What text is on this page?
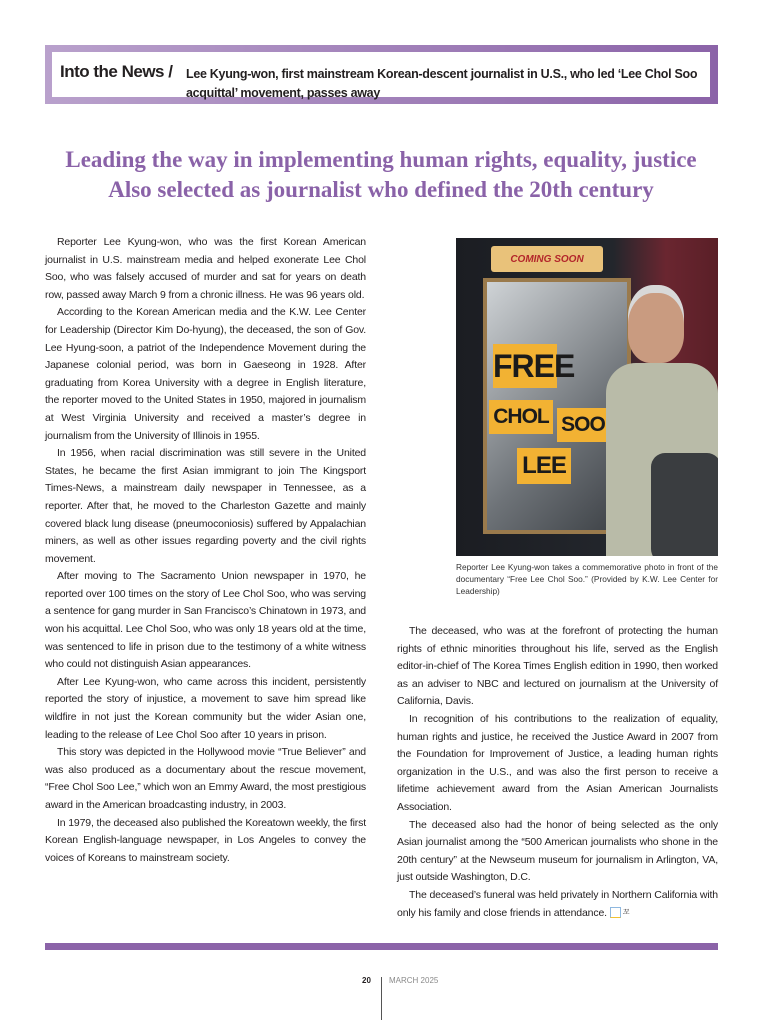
Into the News / Lee Kyung-won, first mainstream Korean-descent journalist in U.S., who led ‘Lee Chol Soo
acquittal’ movement, passes away
Leading the way in implementing human rights, equality, justice
Also selected as journalist who defined the 20th century

Reporter Lee Kyung-won, who was the first Korean American journalist in U.S. mainstream media and helped exonerate Lee Chol Soo, who was falsely accused of murder and sat for years on death row, passed away March 9 from a chronic illness. He was 96 years old.

According to the Korean American media and the K.W. Lee Center for Leadership (Director Kim Do-hyung), the deceased, the son of Gov. Lee Hyung-soon, a patriot of the Independence Movement during the Japanese colonial period, was born in Gaeseong in 1928. After graduating from Korea University with a degree in English literature, the reporter moved to the United States in 1950, majored in journalism at West Virginia University and received a master’s degree in journalism from the University of Illinois in 1955.

In 1956, when racial discrimination was still severe in the United States, he became the first Asian immigrant to join The Kingsport Times-News, a mainstream daily newspaper in Tennessee, as a reporter. After that, he moved to the Charleston Gazette and mainly covered black lung disease (pneumoconiosis) suffered by Appalachian miners, as well as other issues regarding poverty and the civil rights movement.

After moving to The Sacramento Union newspaper in 1970, he reported over 100 times on the story of Lee Chol Soo, who was serving a sentence for gang murder in San Francisco’s Chinatown in 1973, and won his acquittal. Lee Chol Soo, who was only 18 years old at the time, was sentenced to life in prison due to the testimony of a white witness who could not distinguish Asian appearances.

After Lee Kyung-won, who came across this incident, persistently reported the story of injustice, a movement to save him spread like wildfire in not just the Korean community but the wider Asian one, leading to the release of Lee Chol Soo after 10 years in prison.

This story was depicted in the Hollywood movie “True Believer” and was also produced as a documentary about the rescue movement, “Free Chol Soo Lee,” which won an Emmy Award, the most prestigious award in the American broadcasting industry, in 2003.

In 1979, the deceased also published the Koreatown weekly, the first Korean English-language newspaper, in Los Angeles to convey the voices of Koreans to mainstream society.

COMING SOON
FREE
CHOL SOO
LEE
Reporter Lee Kyung-won takes a commemorative photo in front of the documentary “Free Lee Chol Soo.” (Provided by K.W. Lee Center for Leadership)

The deceased, who was at the forefront of protecting the human rights of ethnic minorities throughout his life, served as the English editor-in-chief of The Korea Times English edition in 1990, then worked as an adviser to NBC and lectured on journalism at the University of California, Davis.

In recognition of his contributions to the realization of equality, human rights and justice, he received the Justice Award in 2007 from the Foundation for Improvement of Justice, a leading human rights organization in the U.S., and was also the first person to receive a lifetime achievement award from the Asian American Journalists Association.

The deceased also had the honor of being selected as the only Asian journalist among the “500 American journalists who shone in the 20th century” at the Newseum museum for journalism in Arlington, VA, just outside Washington, D.C.

The deceased’s funeral was held privately in Northern California with only his family and close friends in attendance. 꼬

20 MARCH 2025
